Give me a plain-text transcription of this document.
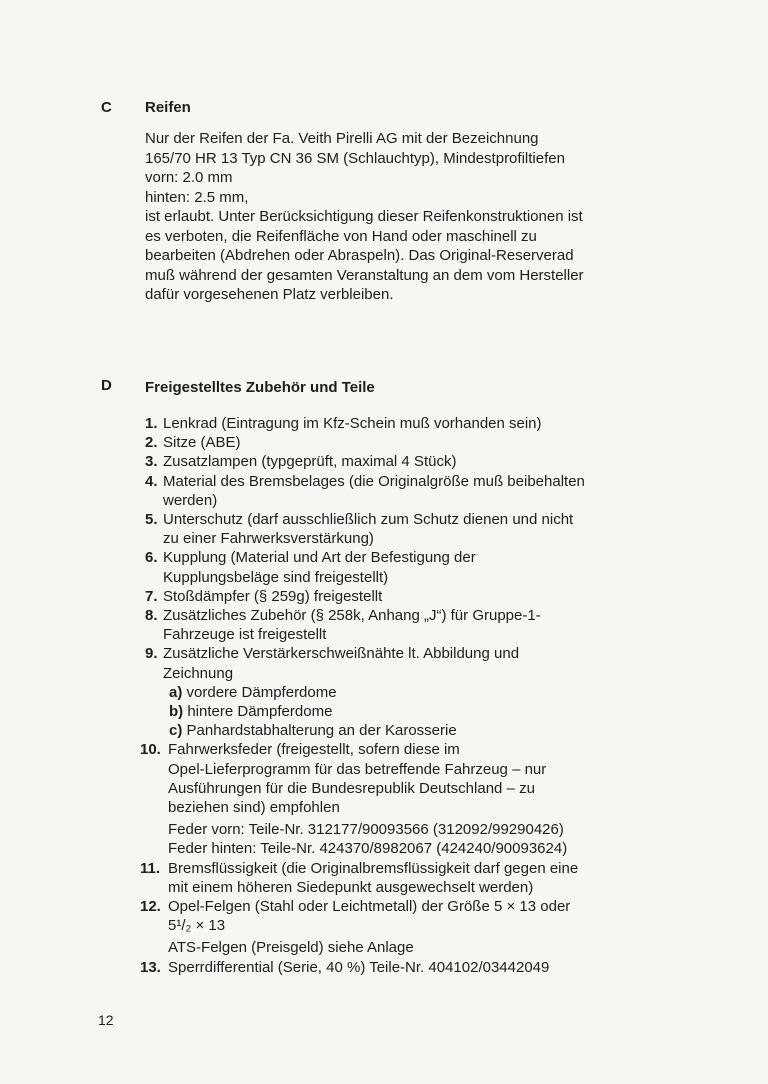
C Reifen
Nur der Reifen der Fa. Veith Pirelli AG mit der Bezeichnung
165/70 HR 13 Typ CN 36 SM (Schlauchtyp), Mindestprofiltiefen
vorn: 2.0 mm
hinten: 2.5 mm,
ist erlaubt. Unter Berücksichtigung dieser Reifenkonstruktionen ist
es verboten, die Reifenfläche von Hand oder maschinell zu
bearbeiten (Abdrehen oder Abraspeln). Das Original-Reserverad
muß während der gesamten Veranstaltung an dem vom Hersteller
dafür vorgesehenen Platz verbleiben.
D Freigestelltes Zubehör und Teile
1. Lenkrad (Eintragung im Kfz-Schein muß vorhanden sein)
2. Sitze (ABE)
3. Zusatzlampen (typgeprüft, maximal 4 Stück)
4. Material des Bremsbelages (die Originalgröße muß beibehalten
werden)
5. Unterschutz (darf ausschließlich zum Schutz dienen und nicht
zu einer Fahrwerksverstärkung)
6. Kupplung (Material und Art der Befestigung der
Kupplungsbeläge sind freigestellt)
7. Stoßdämpfer (§ 259g) freigestellt
8. Zusätzliches Zubehör (§ 258k, Anhang „J“) für Gruppe-1-
Fahrzeuge ist freigestellt
9. Zusätzliche Verstärkerschweißnähte lt. Abbildung und
Zeichnung
a) vordere Dämpferdome
b) hintere Dämpferdome
c) Panhardstabhalterung an der Karosserie
10. Fahrwerksfeder (freigestellt, sofern diese im
Opel-Lieferprogramm für das betreffende Fahrzeug – nur
Ausführungen für die Bundesrepublik Deutschland – zu
beziehen sind) empfohlen
Feder vorn: Teile-Nr. 312177/90093566 (312092/99290426)
Feder hinten: Teile-Nr. 424370/8982067 (424240/90093624)
11. Bremsflüssigkeit (die Originalbremsflüssigkeit darf gegen eine
mit einem höheren Siedepunkt ausgewechselt werden)
12. Opel-Felgen (Stahl oder Leichtmetall) der Größe 5 × 13 oder
5¹/₂ × 13
ATS-Felgen (Preisgeld) siehe Anlage
13. Sperrdifferential (Serie, 40 %) Teile-Nr. 404102/03442049
12
